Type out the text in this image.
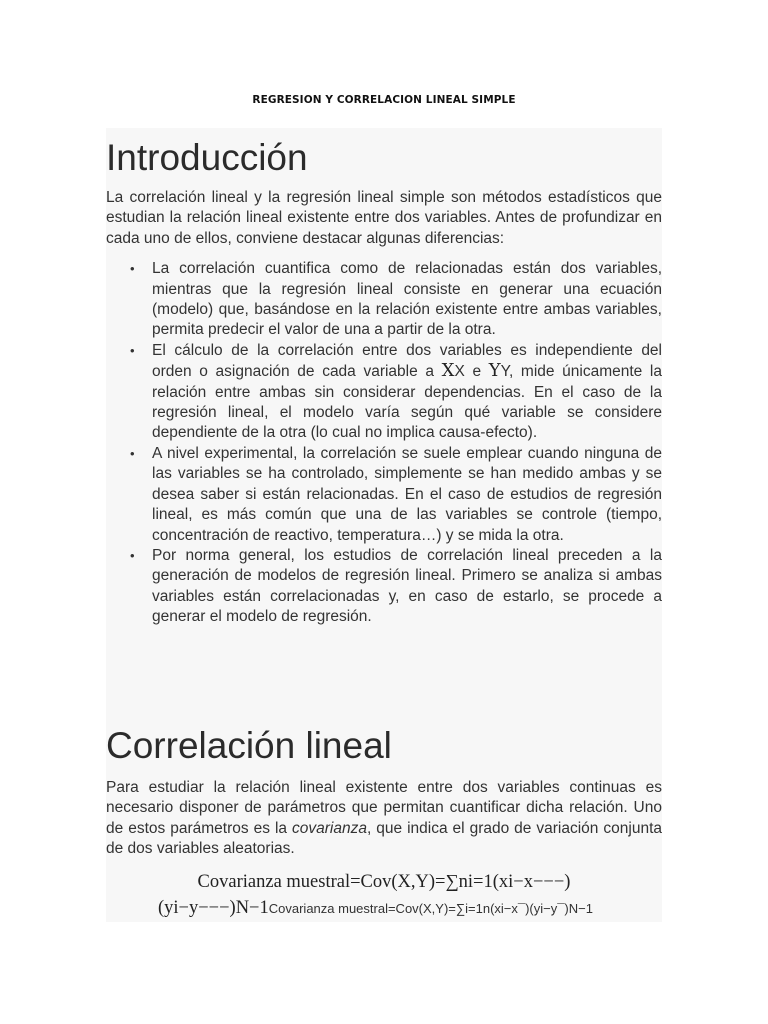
REGRESION Y CORRELACION LINEAL SIMPLE
Introducción

La correlación lineal y la regresión lineal simple son métodos estadísticos que estudian la relación lineal existente entre dos variables. Antes de profundizar en cada uno de ellos, conviene destacar algunas diferencias:

• La correlación cuantifica como de relacionadas están dos variables, mientras que la regresión lineal consiste en generar una ecuación (modelo) que, basándose en la relación existente entre ambas variables, permita predecir el valor de una a partir de la otra.
• El cálculo de la correlación entre dos variables es independiente del orden o asignación de cada variable a XX e YY, mide únicamente la relación entre ambas sin considerar dependencias. En el caso de la regresión lineal, el modelo varía según qué variable se considere dependiente de la otra (lo cual no implica causa-efecto).
• A nivel experimental, la correlación se suele emplear cuando ninguna de las variables se ha controlado, simplemente se han medido ambas y se desea saber si están relacionadas. En el caso de estudios de regresión lineal, es más común que una de las variables se controle (tiempo, concentración de reactivo, temperatura…) y se mida la otra.
• Por norma general, los estudios de correlación lineal preceden a la generación de modelos de regresión lineal. Primero se analiza si ambas variables están correlacionadas y, en caso de estarlo, se procede a generar el modelo de regresión.
Correlación lineal

Para estudiar la relación lineal existente entre dos variables continuas es necesario disponer de parámetros que permitan cuantificar dicha relación. Uno de estos parámetros es la covarianza, que indica el grado de variación conjunta de dos variables aleatorias.

Covarianza muestral=Cov(X,Y)=∑ni=1(xi−x−−−)
(yi−y−−−)N−1Covarianza muestral=Cov(X,Y)=∑i=1n(xi−x¯)(yi−y¯)N−1
